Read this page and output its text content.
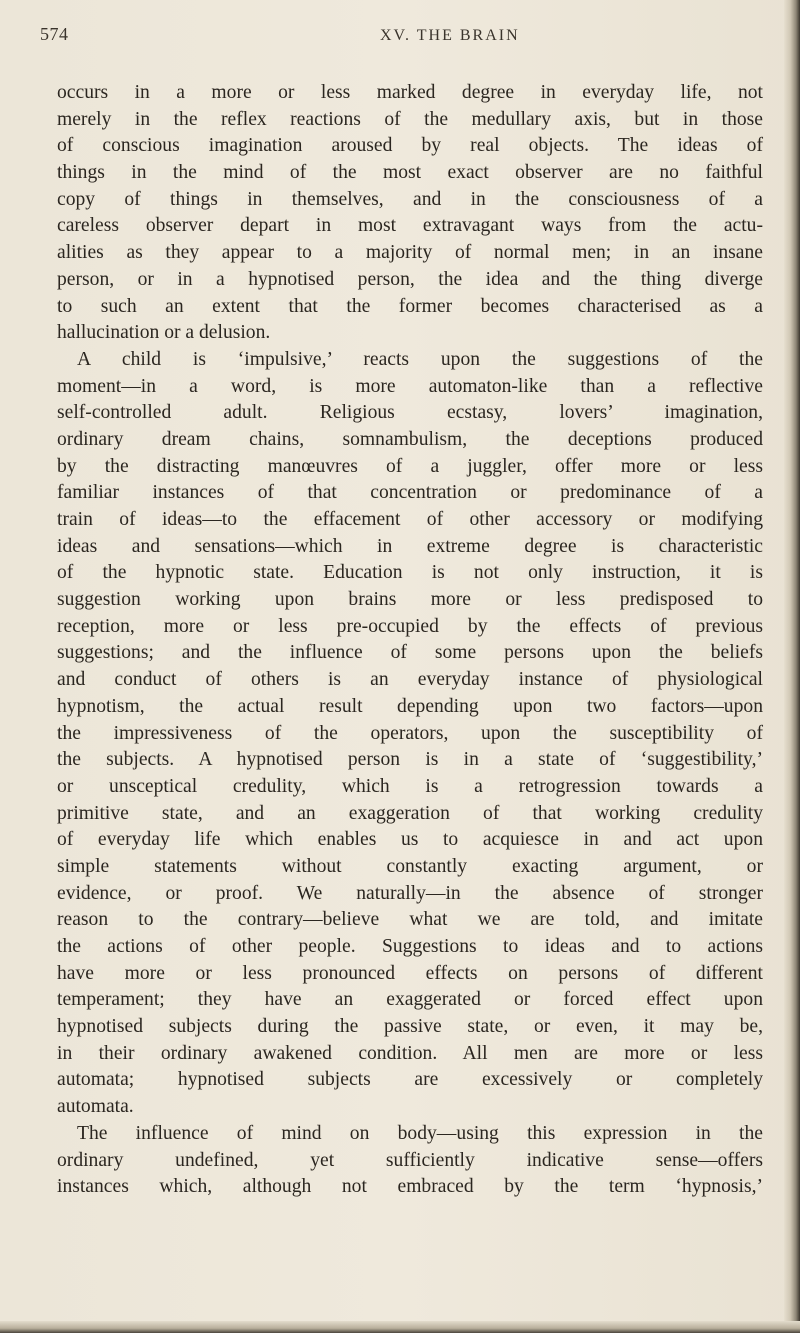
574	XV. THE BRAIN
occurs in a more or less marked degree in everyday life, not
merely in the reflex reactions of the medullary axis, but in those
of conscious imagination aroused by real objects. The ideas of
things in the mind of the most exact observer are no faithful
copy of things in themselves, and in the consciousness of a
careless observer depart in most extravagant ways from the actu-
alities as they appear to a majority of normal men; in an insane
person, or in a hypnotised person, the idea and the thing diverge
to such an extent that the former becomes characterised as a
hallucination or a delusion.
A child is ‘impulsive,’ reacts upon the suggestions of the
moment—in a word, is more automaton-like than a reflective
self-controlled adult. Religious ecstasy, lovers’ imagination,
ordinary dream chains, somnambulism, the deceptions produced
by the distracting manœuvres of a juggler, offer more or less
familiar instances of that concentration or predominance of a
train of ideas—to the effacement of other accessory or modifying
ideas and sensations—which in extreme degree is characteristic
of the hypnotic state. Education is not only instruction, it is
suggestion working upon brains more or less predisposed to
reception, more or less pre-occupied by the effects of previous
suggestions; and the influence of some persons upon the beliefs
and conduct of others is an everyday instance of physiological
hypnotism, the actual result depending upon two factors—upon
the impressiveness of the operators, upon the susceptibility of
the subjects. A hypnotised person is in a state of ‘suggestibility,’
or unsceptical credulity, which is a retrogression towards a
primitive state, and an exaggeration of that working credulity
of everyday life which enables us to acquiesce in and act upon
simple statements without constantly exacting argument, or
evidence, or proof. We naturally—in the absence of stronger
reason to the contrary—believe what we are told, and imitate
the actions of other people. Suggestions to ideas and to actions
have more or less pronounced effects on persons of different
temperament; they have an exaggerated or forced effect upon
hypnotised subjects during the passive state, or even, it may be,
in their ordinary awakened condition. All men are more or less
automata; hypnotised subjects are excessively or completely
automata.
The influence of mind on body—using this expression in the
ordinary undefined, yet sufficiently indicative sense—offers
instances which, although not embraced by the term ‘hypnosis,’
